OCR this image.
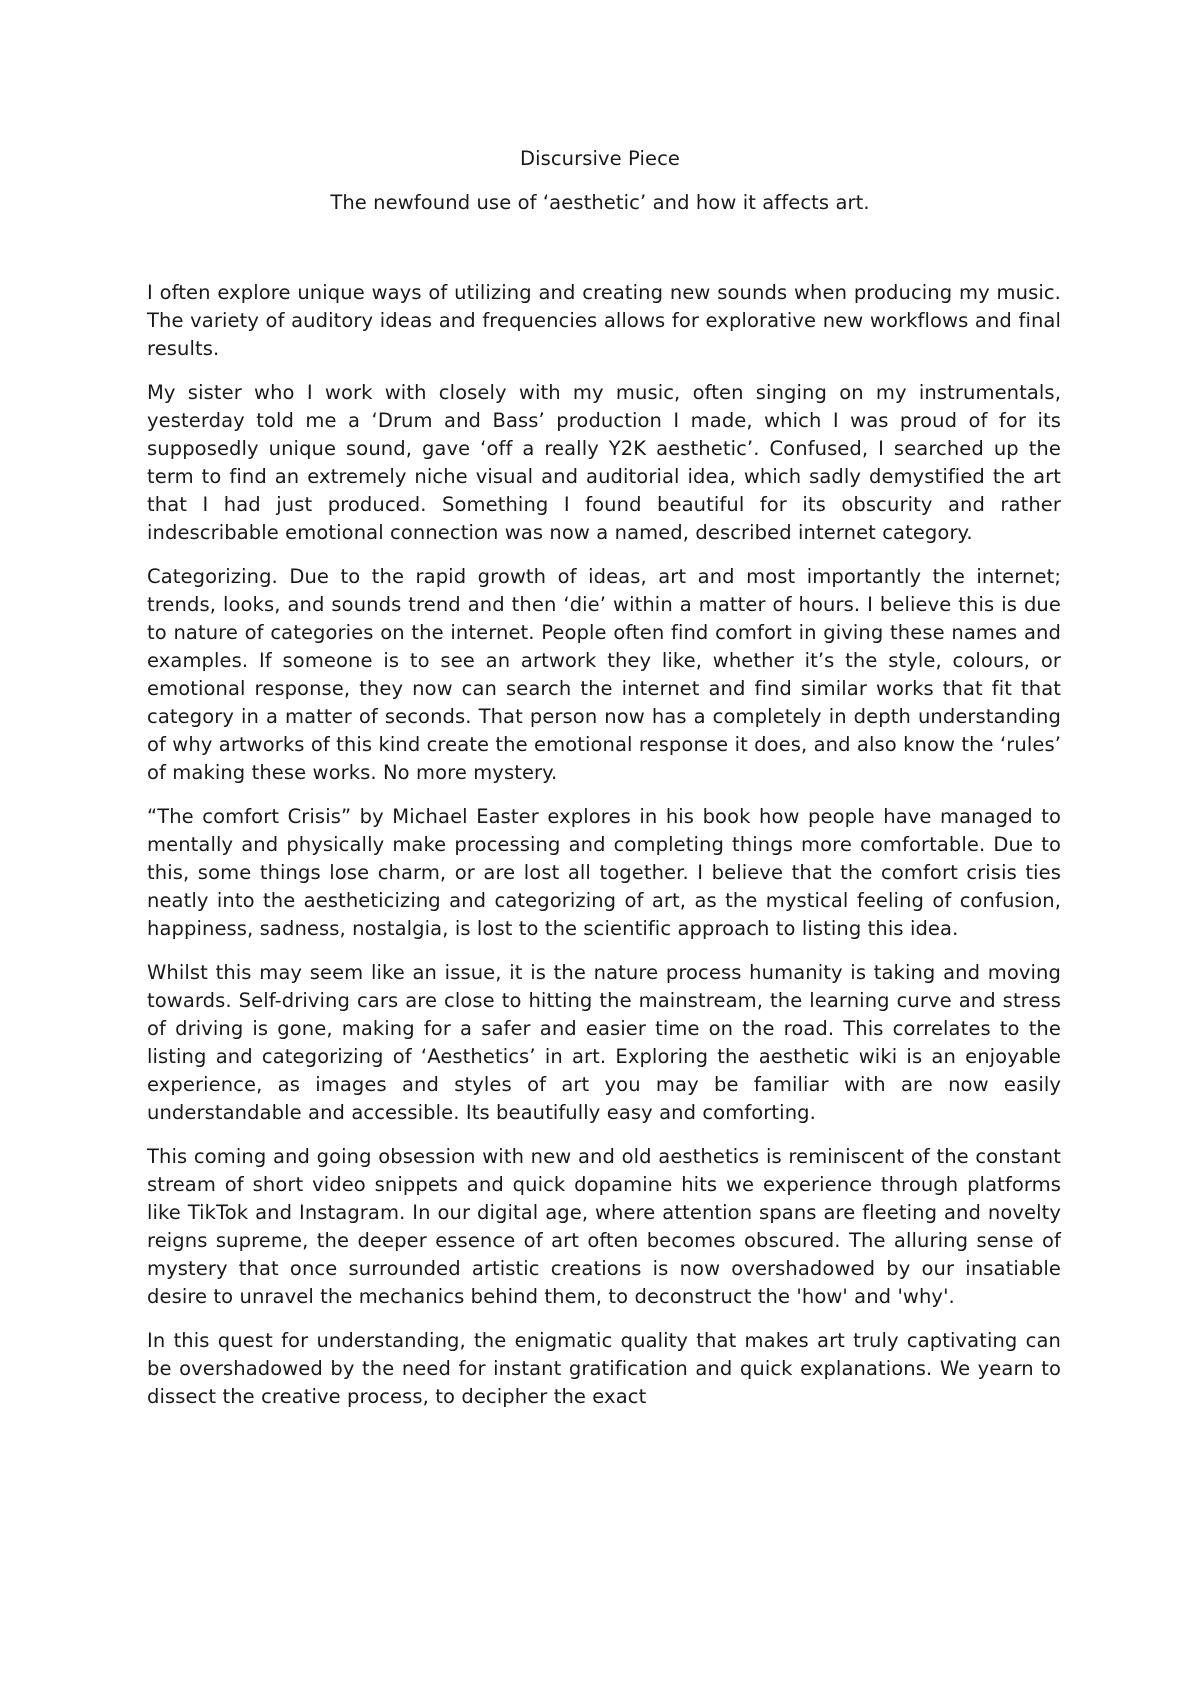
Discursive Piece
The newfound use of ‘aesthetic’ and how it affects art.

I often explore unique ways of utilizing and creating new sounds when producing my music. The variety of auditory ideas and frequencies allows for explorative new workflows and final results.

My sister who I work with closely with my music, often singing on my instrumentals, yesterday told me a ‘Drum and Bass’ production I made, which I was proud of for its supposedly unique sound, gave ‘off a really Y2K aesthetic’. Confused, I searched up the term to find an extremely niche visual and auditorial idea, which sadly demystified the art that I had just produced. Something I found beautiful for its obscurity and rather indescribable emotional connection was now a named, described internet category.

Categorizing. Due to the rapid growth of ideas, art and most importantly the internet; trends, looks, and sounds trend and then ‘die’ within a matter of hours. I believe this is due to nature of categories on the internet. People often find comfort in giving these names and examples. If someone is to see an artwork they like, whether it’s the style, colours, or emotional response, they now can search the internet and find similar works that fit that category in a matter of seconds. That person now has a completely in depth understanding of why artworks of this kind create the emotional response it does, and also know the ‘rules’ of making these works. No more mystery.

“The comfort Crisis” by Michael Easter explores in his book how people have managed to mentally and physically make processing and completing things more comfortable. Due to this, some things lose charm, or are lost all together. I believe that the comfort crisis ties neatly into the aestheticizing and categorizing of art, as the mystical feeling of confusion, happiness, sadness, nostalgia, is lost to the scientific approach to listing this idea.

Whilst this may seem like an issue, it is the nature process humanity is taking and moving towards. Self-driving cars are close to hitting the mainstream, the learning curve and stress of driving is gone, making for a safer and easier time on the road. This correlates to the listing and categorizing of ‘Aesthetics’ in art. Exploring the aesthetic wiki is an enjoyable experience, as images and styles of art you may be familiar with are now easily understandable and accessible. Its beautifully easy and comforting.

This coming and going obsession with new and old aesthetics is reminiscent of the constant stream of short video snippets and quick dopamine hits we experience through platforms like TikTok and Instagram. In our digital age, where attention spans are fleeting and novelty reigns supreme, the deeper essence of art often becomes obscured. The alluring sense of mystery that once surrounded artistic creations is now overshadowed by our insatiable desire to unravel the mechanics behind them, to deconstruct the 'how' and 'why'.

In this quest for understanding, the enigmatic quality that makes art truly captivating can be overshadowed by the need for instant gratification and quick explanations. We yearn to dissect the creative process, to decipher the exact
